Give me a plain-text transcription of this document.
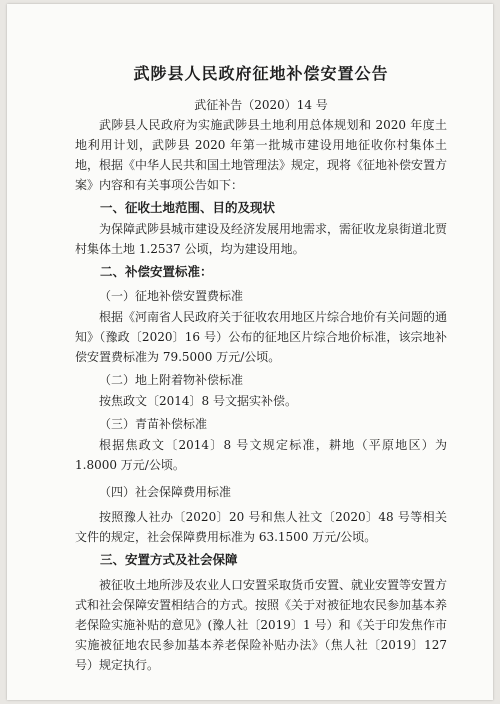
武陟县人民政府征地补偿安置公告

武征补告（2020）14 号

武陟县人民政府为实施武陟县土地利用总体规划和 2020 年度土地利用计划，武陟县 2020 年第一批城市建设用地征收你村集体土地，根据《中华人民共和国土地管理法》规定，现将《征地补偿安置方案》内容和有关事项公告如下：

一、征收土地范围、目的及现状

为保障武陟县城市建设及经济发展用地需求，需征收龙泉街道北贾村集体土地 1.2537 公顷，均为建设用地。

二、补偿安置标准：

（一）征地补偿安置费标准

根据《河南省人民政府关于征收农用地区片综合地价有关问题的通知》（豫政〔2020〕16 号）公布的征地区片综合地价标准，该宗地补偿安置费标准为 79.5000 万元/公顷。

（二）地上附着物补偿标准

按焦政文〔2014〕8 号文据实补偿。

（三）青苗补偿标准

根据焦政文〔2014〕8 号文规定标准，耕地（平原地区）为 1.8000 万元/公顷。

（四）社会保障费用标准

按照豫人社办〔2020〕20 号和焦人社文〔2020〕48 号等相关文件的规定，社会保障费用标准为 63.1500 万元/公顷。

三、安置方式及社会保障

被征收土地所涉及农业人口安置采取货币安置、就业安置等安置方式和社会保障安置相结合的方式。按照《关于对被征地农民参加基本养老保险实施补贴的意见》(豫人社〔2019〕1 号）和《关于印发焦作市实施被征地农民参加基本养老保险补贴办法》（焦人社〔2019〕127 号）规定执行。
